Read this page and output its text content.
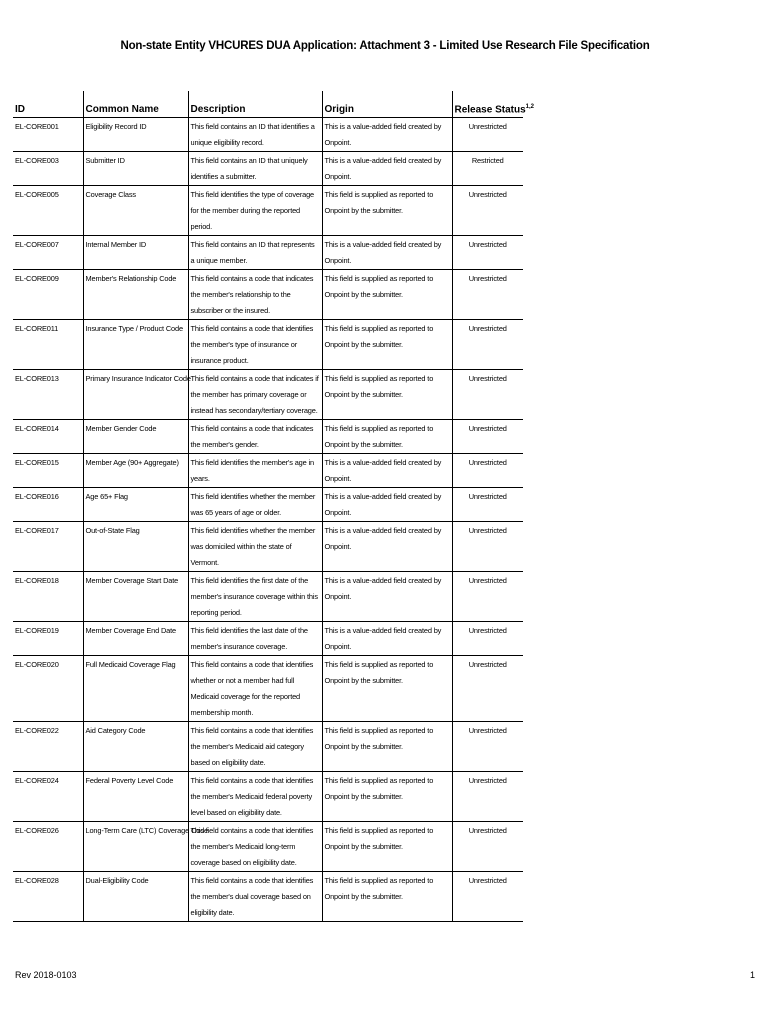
Non-state Entity VHCURES DUA Application: Attachment 3 - Limited Use Research File Specification
ID	Common Name	Description	Origin	Release Status$^{1,2}$
EL-CORE001	Eligibility Record ID	This field contains an ID that identifies a unique eligibility record.	This is a value-added field created by Onpoint.	Unrestricted
EL-CORE003	Submitter ID	This field contains an ID that uniquely identifies a submitter.	This is a value-added field created by Onpoint.	Restricted
EL-CORE005	Coverage Class	This field identifies the type of coverage for the member during the reported period.	This field is supplied as reported to Onpoint by the submitter.	Unrestricted
EL-CORE007	Internal Member ID	This field contains an ID that represents a unique member.	This is a value-added field created by Onpoint.	Unrestricted
EL-CORE009	Member's Relationship Code	This field contains a code that indicates the member's relationship to the subscriber or the insured.	This field is supplied as reported to Onpoint by the submitter.	Unrestricted
EL-CORE011	Insurance Type / Product Code	This field contains a code that identifies the member's type of insurance or insurance product.	This field is supplied as reported to Onpoint by the submitter.	Unrestricted
EL-CORE013	Primary Insurance Indicator Code	This field contains a code that indicates if the member has primary coverage or instead has secondary/tertiary coverage.	This field is supplied as reported to Onpoint by the submitter.	Unrestricted
EL-CORE014	Member Gender Code	This field contains a code that indicates the member's gender.	This field is supplied as reported to Onpoint by the submitter.	Unrestricted
EL-CORE015	Member Age (90+ Aggregate)	This field identifies the member's age in years.	This is a value-added field created by Onpoint.	Unrestricted
EL-CORE016	Age 65+ Flag	This field identifies whether the member was 65 years of age or older.	This is a value-added field created by Onpoint.	Unrestricted
EL-CORE017	Out-of-State Flag	This field identifies whether the member was domiciled within the state of Vermont.	This is a value-added field created by Onpoint.	Unrestricted
EL-CORE018	Member Coverage Start Date	This field identifies the first date of the member's insurance coverage within this reporting period.	This is a value-added field created by Onpoint.	Unrestricted
EL-CORE019	Member Coverage End Date	This field identifies the last date of the member's insurance coverage.	This is a value-added field created by Onpoint.	Unrestricted
EL-CORE020	Full Medicaid Coverage Flag	This field contains a code that identifies whether or not a member had full Medicaid coverage for the reported membership month.	This field is supplied as reported to Onpoint by the submitter.	Unrestricted
EL-CORE022	Aid Category Code	This field contains a code that identifies the member's Medicaid aid category based on eligibility date.	This field is supplied as reported to Onpoint by the submitter.	Unrestricted
EL-CORE024	Federal Poverty Level Code	This field contains a code that identifies the member's Medicaid federal poverty level based on eligibility date.	This field is supplied as reported to Onpoint by the submitter.	Unrestricted
EL-CORE026	Long-Term Care (LTC) Coverage Code	This field contains a code that identifies the member's Medicaid long-term coverage based on eligibility date.	This field is supplied as reported to Onpoint by the submitter.	Unrestricted
EL-CORE028	Dual-Eligibility Code	This field contains a code that identifies the member's dual coverage based on eligibility date.	This field is supplied as reported to Onpoint by the submitter.	Unrestricted
Rev 2018-0103	1
